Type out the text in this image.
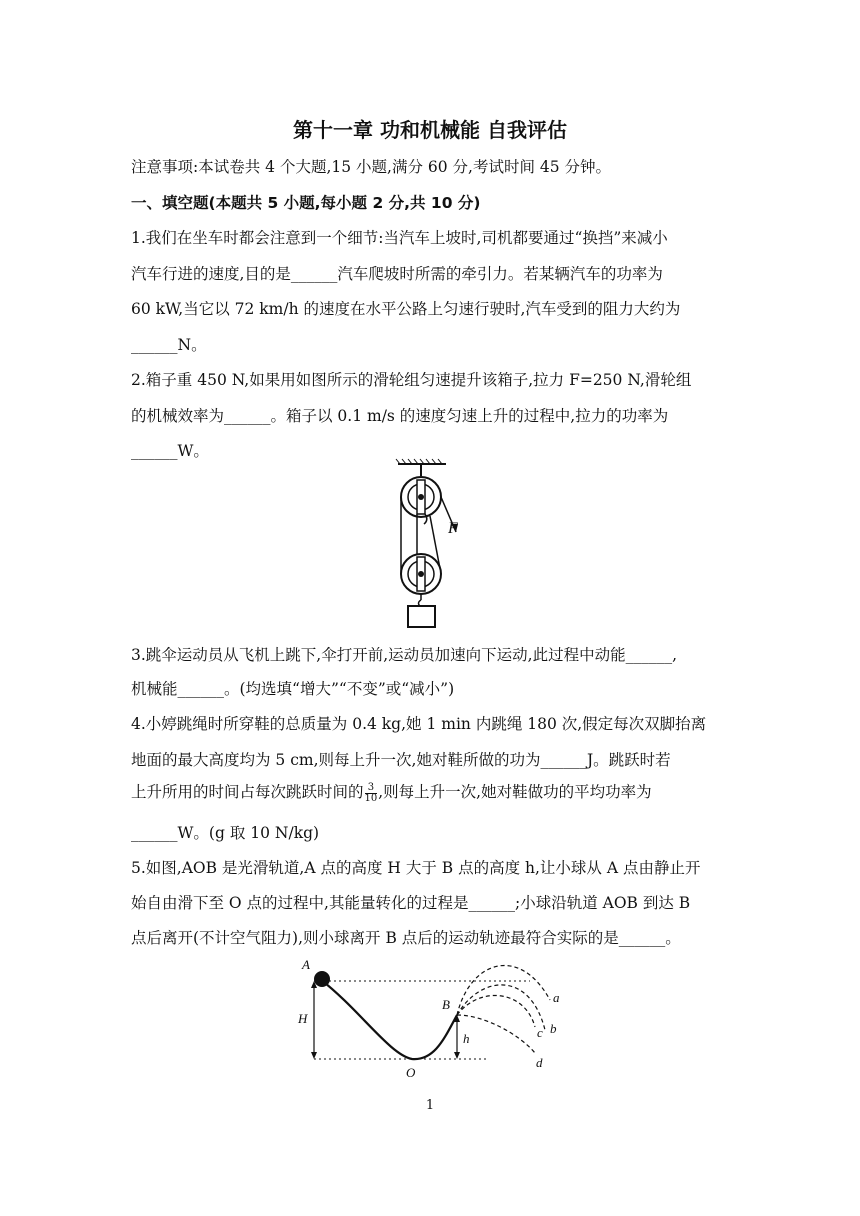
第十一章 功和机械能 自我评估
注意事项:本试卷共 4 个大题,15 小题,满分 60 分,考试时间 45 分钟。
一、填空题(本题共 5 小题,每小题 2 分,共 10 分)
1.我们在坐车时都会注意到一个细节:当汽车上坡时,司机都要通过“换挡”来减小
汽车行进的速度,目的是______汽车爬坡时所需的牵引力。若某辆汽车的功率为
60 kW,当它以 72 km/h 的速度在水平公路上匀速行驶时,汽车受到的阻力大约为
______N。
2.箱子重 450 N,如果用如图所示的滑轮组匀速提升该箱子,拉力 F=250 N,滑轮组
的机械效率为______。箱子以 0.1 m/s 的速度匀速上升的过程中,拉力的功率为
______W。
F
3.跳伞运动员从飞机上跳下,伞打开前,运动员加速向下运动,此过程中动能______,
机械能______。(均选填“增大”“不变”或“减小”)
4.小婷跳绳时所穿鞋的总质量为 0.4 kg,她 1 min 内跳绳 180 次,假定每次双脚抬离
地面的最大高度均为 5 cm,则每上升一次,她对鞋所做的功为______J。跳跃时若
上升所用的时间占每次跳跃时间的 $\frac{3}{10}$ ,则每上升一次,她对鞋做功的平均功率为
______W。(g 取 10 N/kg)
5.如图,AOB 是光滑轨道,A 点的高度 H 大于 B 点的高度 h,让小球从 A 点由静止开
始自由滑下至 O 点的过程中,其能量转化的过程是______;小球沿轨道 AOB 到达 B
点后离开(不计空气阻力),则小球离开 B 点后的运动轨迹最符合实际的是______。
A
B
O
H
h
a
b
c
d
1
